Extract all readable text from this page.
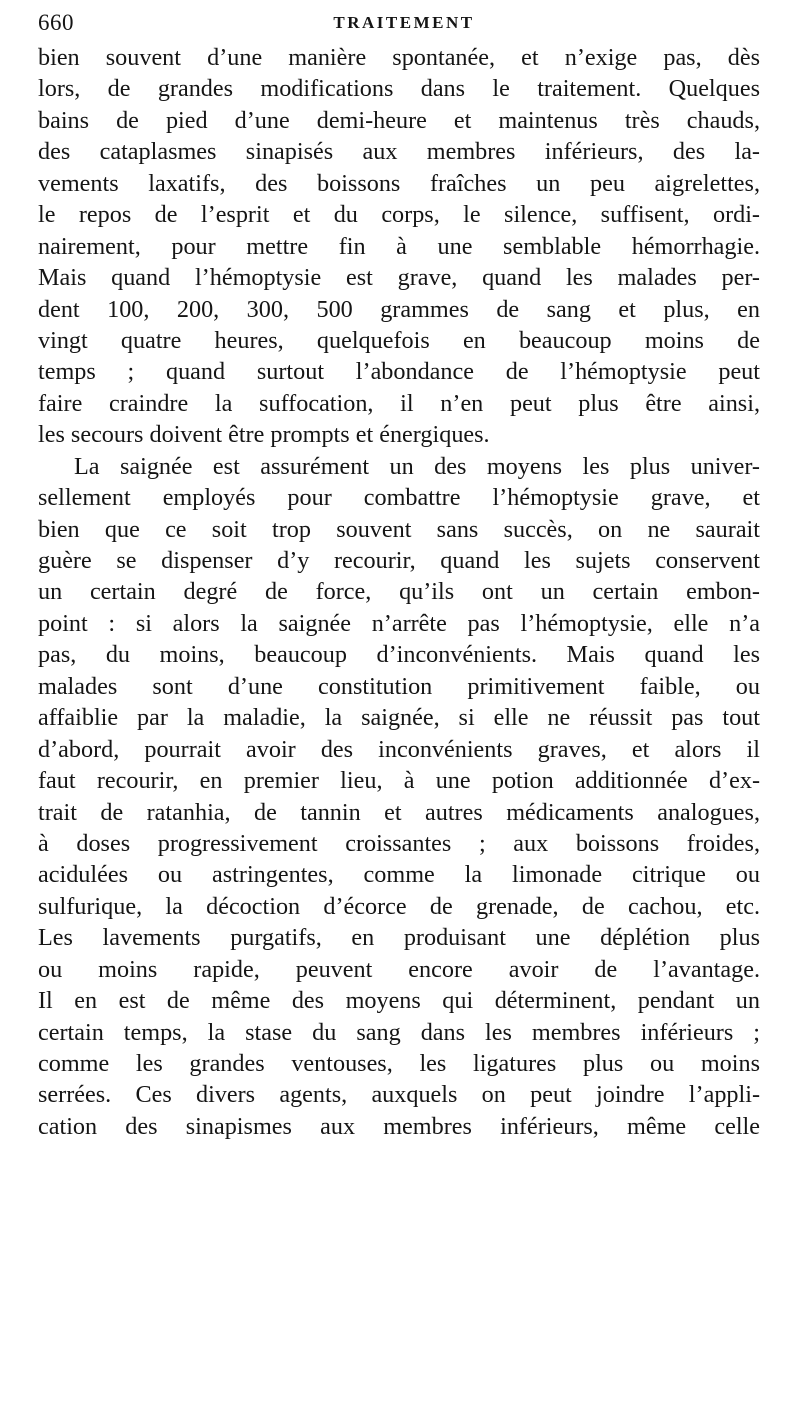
660	TRAITEMENT
bien souvent d’une manière spontanée, et n’exige pas, dès
lors, de grandes modifications dans le traitement. Quelques
bains de pied d’une demi-heure et maintenus très chauds,
des cataplasmes sinapisés aux membres inférieurs, des la-
vements laxatifs, des boissons fraîches un peu aigrelettes,
le repos de l’esprit et du corps, le silence, suffisent, ordi-
nairement, pour mettre fin à une semblable hémorrhagie.
Mais quand l’hémoptysie est grave, quand les malades per-
dent 100, 200, 300, 500 grammes de sang et plus, en
vingt quatre heures, quelquefois en beaucoup moins de
temps ; quand surtout l’abondance de l’hémoptysie peut
faire craindre la suffocation, il n’en peut plus être ainsi,
les secours doivent être prompts et énergiques.
La saignée est assurément un des moyens les plus univer-
sellement employés pour combattre l’hémoptysie grave, et
bien que ce soit trop souvent sans succès, on ne saurait
guère se dispenser d’y recourir, quand les sujets conservent
un certain degré de force, qu’ils ont un certain embon-
point : si alors la saignée n’arrête pas l’hémoptysie, elle n’a
pas, du moins, beaucoup d’inconvénients. Mais quand les
malades sont d’une constitution primitivement faible, ou
affaiblie par la maladie, la saignée, si elle ne réussit pas tout
d’abord, pourrait avoir des inconvénients graves, et alors il
faut recourir, en premier lieu, à une potion additionnée d’ex-
trait de ratanhia, de tannin et autres médicaments analogues,
à doses progressivement croissantes ; aux boissons froides,
acidulées ou astringentes, comme la limonade citrique ou
sulfurique, la décoction d’écorce de grenade, de cachou, etc.
Les lavements purgatifs, en produisant une déplétion plus
ou moins rapide, peuvent encore avoir de l’avantage.
Il en est de même des moyens qui déterminent, pendant un
certain temps, la stase du sang dans les membres inférieurs ;
comme les grandes ventouses, les ligatures plus ou moins
serrées. Ces divers agents, auxquels on peut joindre l’appli-
cation des sinapismes aux membres inférieurs, même celle
